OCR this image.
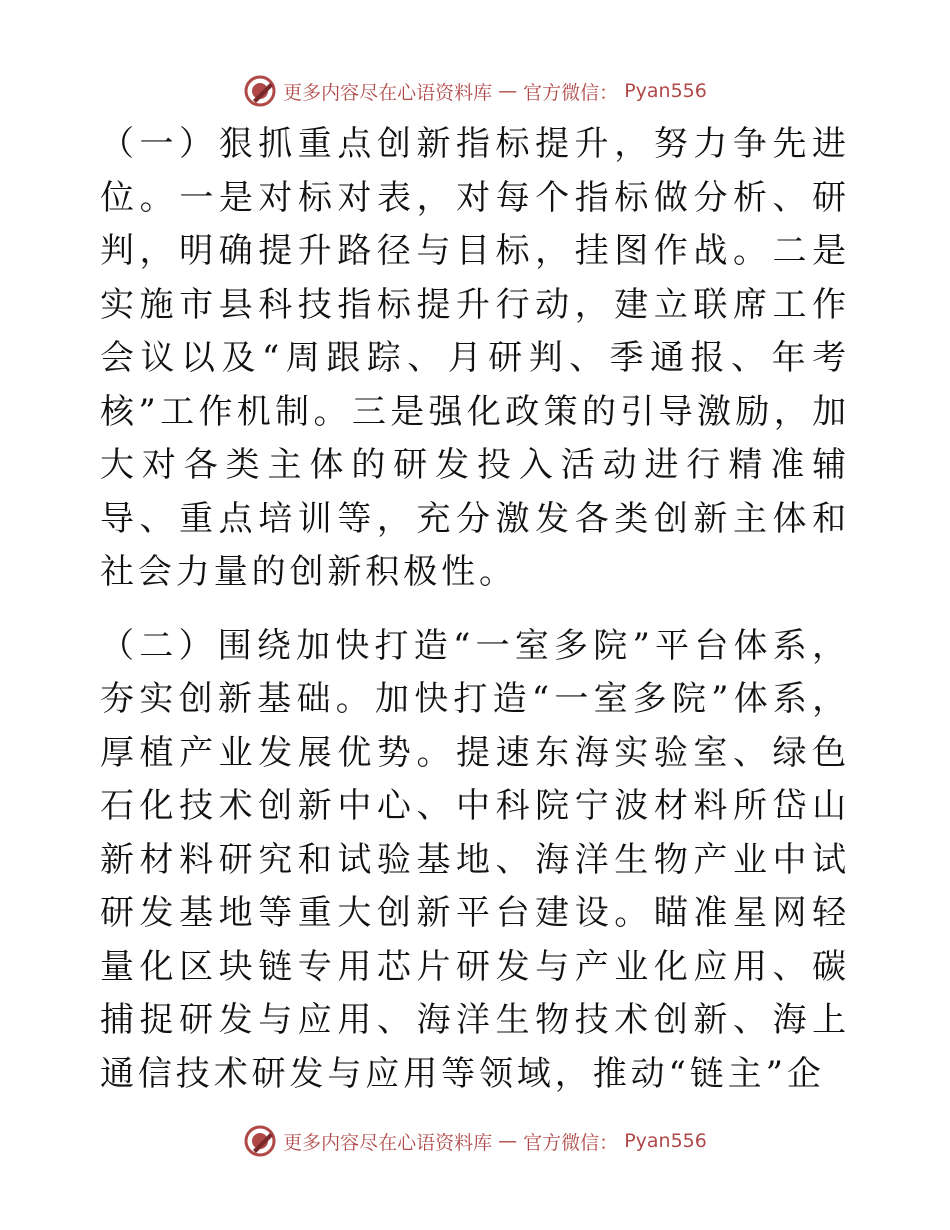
更多内容尽在心语资料库 — 官方微信： Pyan556

（一）狠抓重点创新指标提升，努力争先进位。一是对标对表，对每个指标做分析、研判，明确提升路径与目标，挂图作战。二是实施市县科技指标提升行动，建立联席工作会议以及“周跟踪、月研判、季通报、年考核”工作机制。三是强化政策的引导激励，加大对各类主体的研发投入活动进行精准辅导、重点培训等，充分激发各类创新主体和社会力量的创新积极性。

（二）围绕加快打造“一室多院”平台体系，夯实创新基础。加快打造“一室多院”体系，厚植产业发展优势。提速东海实验室、绿色石化技术创新中心、中科院宁波材料所岱山新材料研究和试验基地、海洋生物产业中试研发基地等重大创新平台建设。瞄准星网轻量化区块链专用芯片研发与产业化应用、碳捕捉研发与应用、海洋生物技术创新、海上通信技术研发与应用等领域，推动“链主”企

更多内容尽在心语资料库 — 官方微信： Pyan556
